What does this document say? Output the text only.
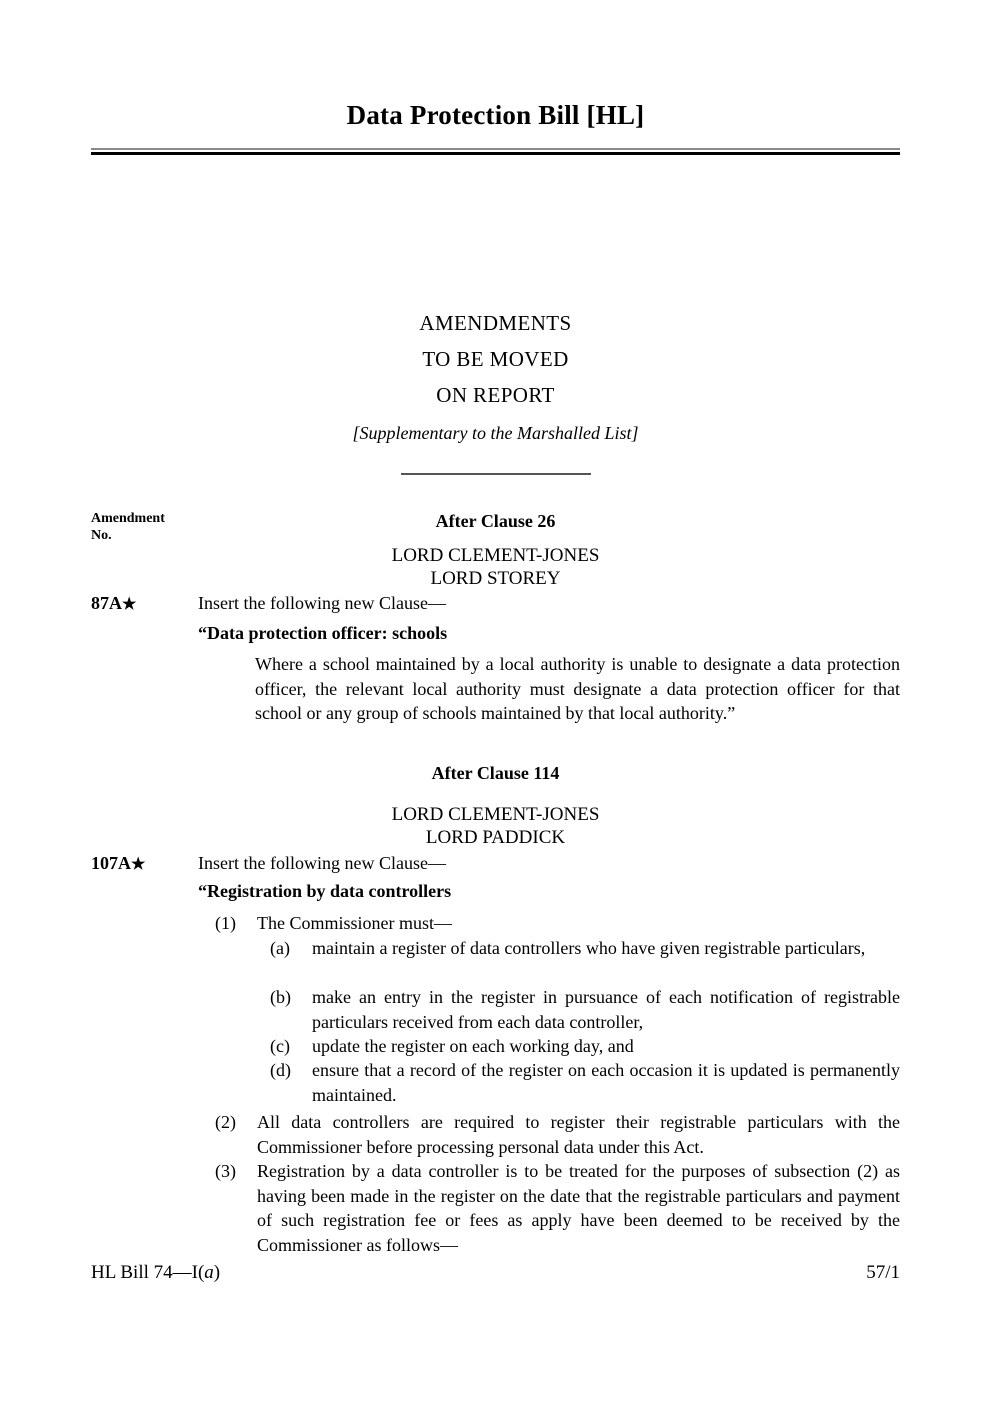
Data Protection Bill [HL]
AMENDMENTS
TO BE MOVED
ON REPORT
[Supplementary to the Marshalled List]
Amendment
No.
After Clause 26
LORD CLEMENT-JONES
LORD STOREY
87A★	Insert the following new Clause—
“Data protection officer: schools
Where a school maintained by a local authority is unable to designate a data protection officer, the relevant local authority must designate a data protection officer for that school or any group of schools maintained by that local authority.”
After Clause 114
LORD CLEMENT-JONES
LORD PADDICK
107A★	Insert the following new Clause—
“Registration by data controllers
(1)	The Commissioner must—
(a)	maintain a register of data controllers who have given registrable particulars,
(b)	make an entry in the register in pursuance of each notification of registrable particulars received from each data controller,
(c)	update the register on each working day, and
(d)	ensure that a record of the register on each occasion it is updated is permanently maintained.
(2)	All data controllers are required to register their registrable particulars with the Commissioner before processing personal data under this Act.
(3)	Registration by a data controller is to be treated for the purposes of subsection (2) as having been made in the register on the date that the registrable particulars and payment of such registration fee or fees as apply have been deemed to be received by the Commissioner as follows—
HL Bill 74—I(a)	57/1
